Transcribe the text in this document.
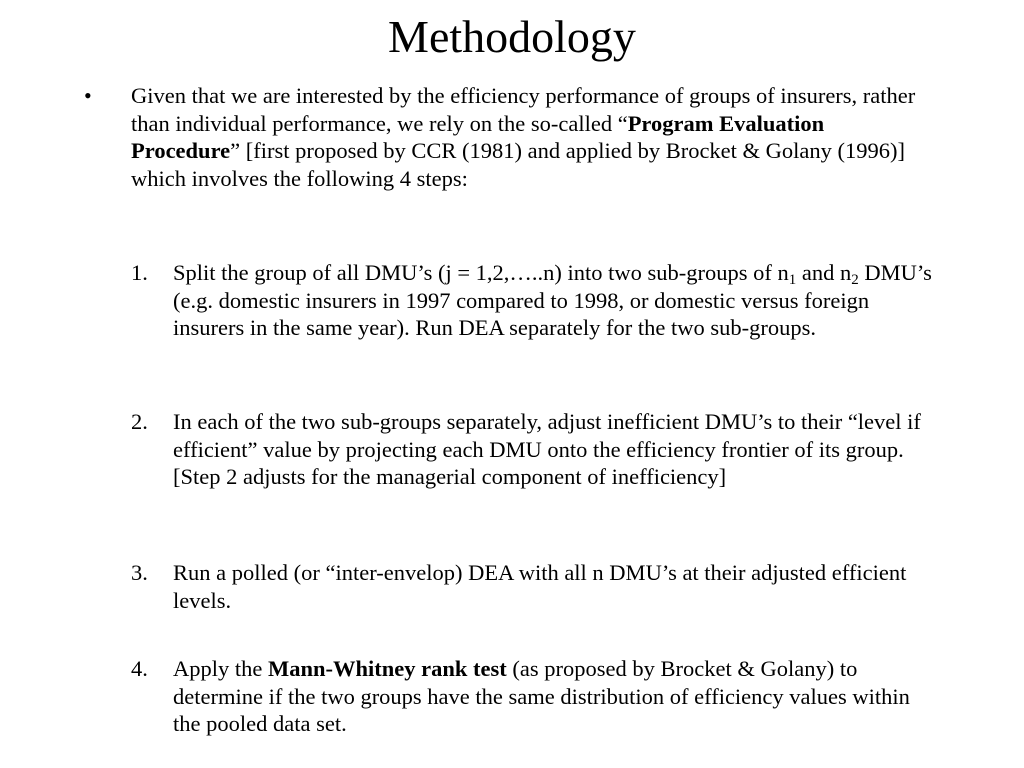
Methodology
• Given that we are interested by the efficiency performance of groups of insurers, rather than individual performance, we rely on the so-called “Program Evaluation Procedure” [first proposed by CCR (1981) and applied by Brocket & Golany (1996)] which involves the following 4 steps:
1. Split the group of all DMU’s (j = 1,2,…..n) into two sub-groups of $n_1$ and $n_2$ DMU’s (e.g. domestic insurers in 1997 compared to 1998, or domestic versus foreign insurers in the same year). Run DEA separately for the two sub-groups.
2. In each of the two sub-groups separately, adjust inefficient DMU’s to their “level if efficient” value by projecting each DMU onto the efficiency frontier of its group. [Step 2 adjusts for the managerial component of inefficiency]
3. Run a polled (or “inter-envelop) DEA with all n DMU’s at their adjusted efficient levels.
4. Apply the Mann-Whitney rank test (as proposed by Brocket & Golany) to determine if the two groups have the same distribution of efficiency values within the pooled data set.
